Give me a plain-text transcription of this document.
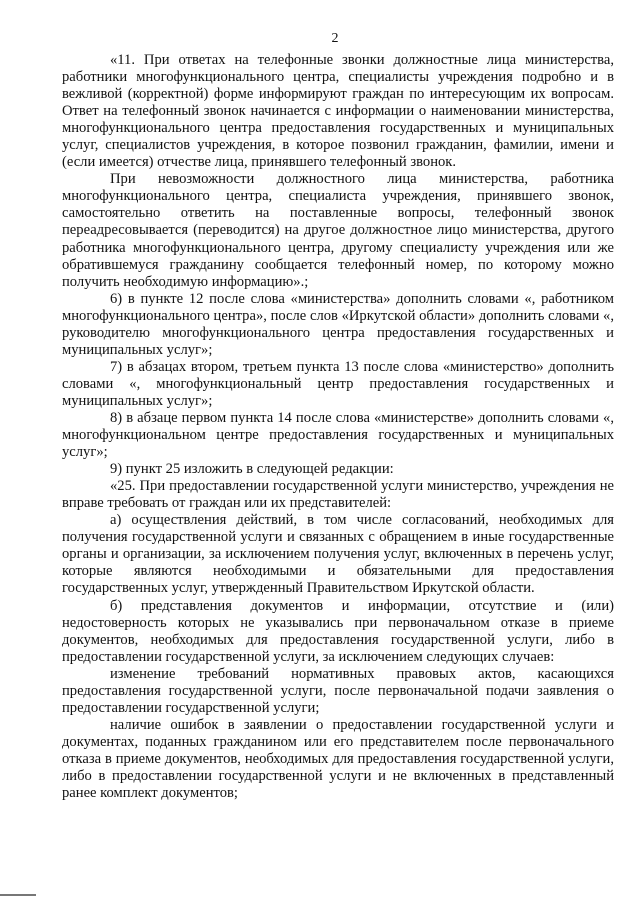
2

«11. При ответах на телефонные звонки должностные лица министерства, работники многофункционального центра, специалисты учреждения подробно и в вежливой (корректной) форме информируют граждан по интересующим их вопросам. Ответ на телефонный звонок начинается с информации о наименовании министерства, многофункционального центра предоставления государственных и муниципальных услуг, специалистов учреждения, в которое позвонил гражданин, фамилии, имени и (если имеется) отчестве лица, принявшего телефонный звонок.

При невозможности должностного лица министерства, работника многофункционального центра, специалиста учреждения, принявшего звонок, самостоятельно ответить на поставленные вопросы, телефонный звонок переадресовывается (переводится) на другое должностное лицо министерства, другого работника многофункционального центра, другому специалисту учреждения или же обратившемуся гражданину сообщается телефонный номер, по которому можно получить необходимую информацию».;

6) в пункте 12 после слова «министерства» дополнить словами «, работником многофункционального центра», после слов «Иркутской области» дополнить словами «, руководителю многофункционального центра предоставления государственных и муниципальных услуг»;

7) в абзацах втором, третьем пункта 13 после слова «министерство» дополнить словами «, многофункциональный центр предоставления государственных и муниципальных услуг»;

8) в абзаце первом пункта 14 после слова «министерстве» дополнить словами «, многофункциональном центре предоставления государственных и муниципальных услуг»;

9) пункт 25 изложить в следующей редакции:

«25. При предоставлении государственной услуги министерство, учреждения не вправе требовать от граждан или их представителей:

а) осуществления действий, в том числе согласований, необходимых для получения государственной услуги и связанных с обращением в иные государственные органы и организации, за исключением получения услуг, включенных в перечень услуг, которые являются необходимыми и обязательными для предоставления государственных услуг, утвержденный Правительством Иркутской области.

б) представления документов и информации, отсутствие и (или) недостоверность которых не указывались при первоначальном отказе в приеме документов, необходимых для предоставления государственной услуги, либо в предоставлении государственной услуги, за исключением следующих случаев:

изменение требований нормативных правовых актов, касающихся предоставления государственной услуги, после первоначальной подачи заявления о предоставлении государственной услуги;

наличие ошибок в заявлении о предоставлении государственной услуги и документах, поданных гражданином или его представителем после первоначального отказа в приеме документов, необходимых для предоставления государственной услуги, либо в предоставлении государственной услуги и не включенных в представленный ранее комплект документов;
